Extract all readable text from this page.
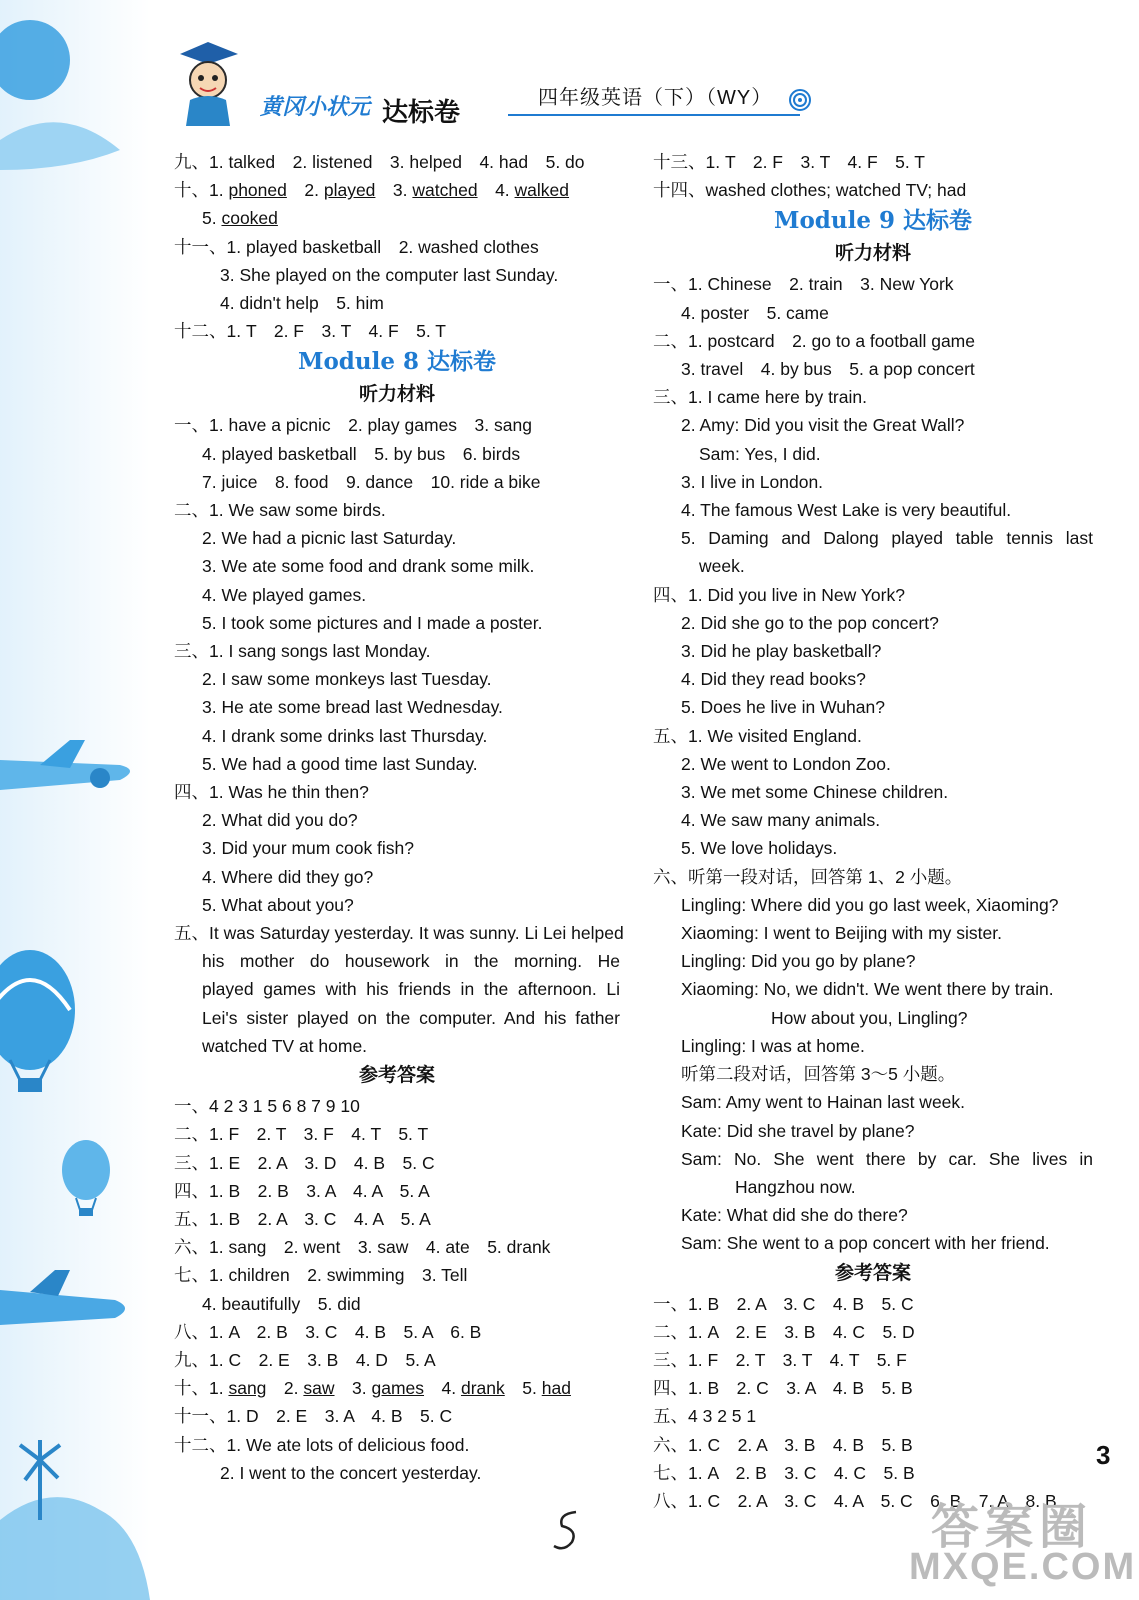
黄冈小状元 达标卷	四年级英语（下）（WY）
九、1. talked　2. listened　3. helped　4. had　5. do
十、1. phoned　2. played　3. watched　4. walked
5. cooked
十一、1. played basketball　2. washed clothes
3. She played on the computer last Sunday.
4. didn't help　5. him
十二、1. T　2. F　3. T　4. F　5. T
Module 8 达标卷
听力材料
一、1. have a picnic　2. play games　3. sang
4. played basketball　5. by bus　6. birds
7. juice　8. food　9. dance　10. ride a bike
二、1. We saw some birds.
2. We had a picnic last Saturday.
3. We ate some food and drank some milk.
4. We played games.
5. I took some pictures and I made a poster.
三、1. I sang songs last Monday.
2. I saw some monkeys last Tuesday.
3. He ate some bread last Wednesday.
4. I drank some drinks last Thursday.
5. We had a good time last Sunday.
四、1. Was he thin then?
2. What did you do?
3. Did your mum cook fish?
4. Where did they go?
5. What about you?
五、It was Saturday yesterday. It was sunny. Li Lei helped
his mother do housework in the morning. He
played games with his friends in the afternoon. Li
Lei's sister played on the computer. And his father
watched TV at home.
参考答案
一、4 2 3 1 5 6 8 7 9 10
二、1. F　2. T　3. F　4. T　5. T
三、1. E　2. A　3. D　4. B　5. C
四、1. B　2. B　3. A　4. A　5. A
五、1. B　2. A　3. C　4. A　5. A
六、1. sang　2. went　3. saw　4. ate　5. drank
七、1. children　2. swimming　3. Tell
4. beautifully　5. did
八、1. A　2. B　3. C　4. B　5. A　6. B
九、1. C　2. E　3. B　4. D　5. A
十、1. sang　2. saw　3. games　4. drank　5. had
十一、1. D　2. E　3. A　4. B　5. C
十二、1. We ate lots of delicious food.
2. I went to the concert yesterday.
十三、1. T　2. F　3. T　4. F　5. T
十四、washed clothes; watched TV; had
Module 9 达标卷
听力材料
一、1. Chinese　2. train　3. New York
4. poster　5. came
二、1. postcard　2. go to a football game
3. travel　4. by bus　5. a pop concert
三、1. I came here by train.
2. Amy: Did you visit the Great Wall?
Sam: Yes, I did.
3. I live in London.
4. The famous West Lake is very beautiful.
5. Daming and Dalong played table tennis last
week.
四、1. Did you live in New York?
2. Did she go to the pop concert?
3. Did he play basketball?
4. Did they read books?
5. Does he live in Wuhan?
五、1. We visited England.
2. We went to London Zoo.
3. We met some Chinese children.
4. We saw many animals.
5. We love holidays.
六、听第一段对话，回答第 1、2 小题。
Lingling: Where did you go last week, Xiaoming?
Xiaoming: I went to Beijing with my sister.
Lingling: Did you go by plane?
Xiaoming: No, we didn't. We went there by train.
How about you, Lingling?
Lingling: I was at home.
听第二段对话，回答第 3～5 小题。
Sam: Amy went to Hainan last week.
Kate: Did she travel by plane?
Sam: No. She went there by car. She lives in
Hangzhou now.
Kate: What did she do there?
Sam: She went to a pop concert with her friend.
参考答案
一、1. B　2. A　3. C　4. B　5. C
二、1. A　2. E　3. B　4. C　5. D
三、1. F　2. T　3. T　4. T　5. F
四、1. B　2. C　3. A　4. B　5. B
五、4 3 2 5 1
六、1. C　2. A　3. B　4. B　5. B
七、1. A　2. B　3. C　4. C　5. B
八、1. C　2. A　3. C　4. A　5. C　6. B　7. A　8. B
3
答案圈
MXQE.COM
